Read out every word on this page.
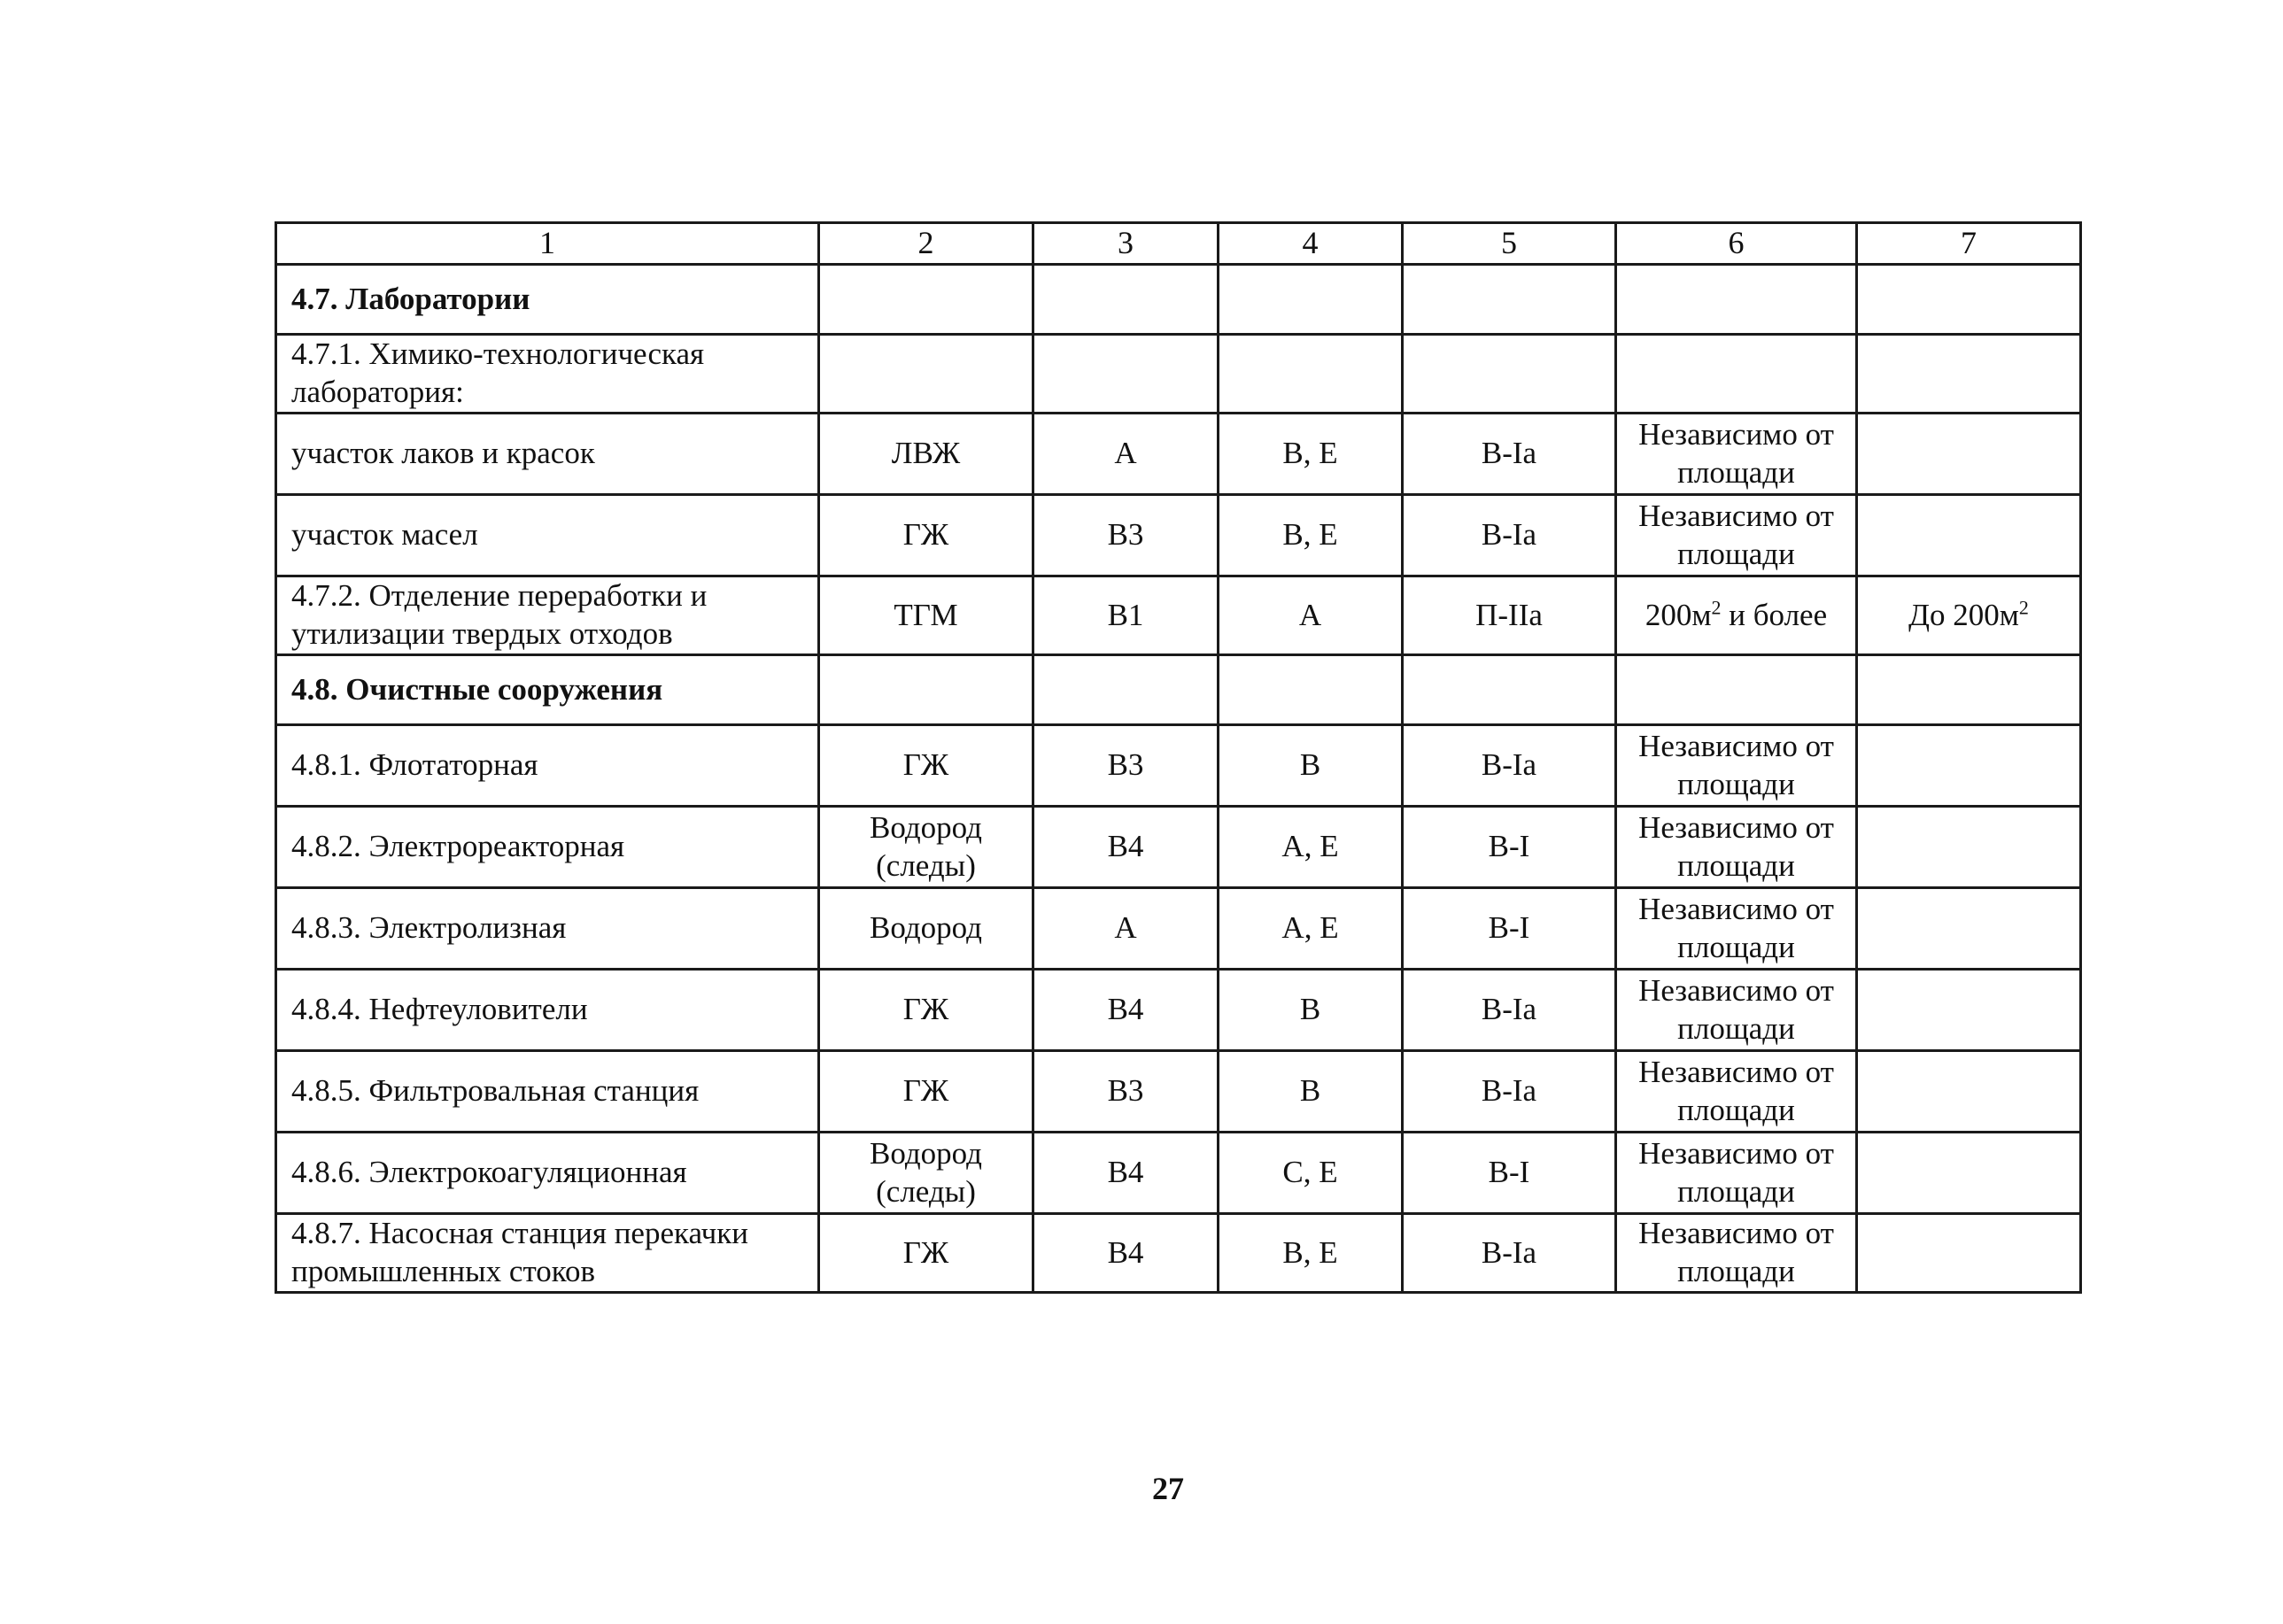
1	2	3	4	5	6	7
4.7. Лаборатории						
4.7.1. Химико-технологическая лаборатория:						
участок лаков и красок	ЛВЖ	А	В, Е	В-Iа	Независимо от площади	
участок масел	ГЖ	В3	В, Е	В-Iа	Независимо от площади	
4.7.2. Отделение переработки и утилизации твердых отходов	ТГМ	В1	А	П-IIа	$200м^2$ и более	До $200м^2$
4.8. Очистные сооружения						
4.8.1. Флотаторная	ГЖ	В3	В	В-Iа	Независимо от площади	
4.8.2. Электрореакторная	Водород (следы)	В4	А, Е	В-I	Независимо от площади	
4.8.3. Электролизная	Водород	А	А, Е	В-I	Независимо от площади	
4.8.4. Нефтеуловители	ГЖ	В4	В	В-Iа	Независимо от площади	
4.8.5. Фильтровальная станция	ГЖ	В3	В	В-Iа	Независимо от площади	
4.8.6. Электрокоагуляционная	Водород (следы)	В4	С, Е	В-I	Независимо от площади	
4.8.7. Насосная станция перекачки промышленных стоков	ГЖ	В4	В, Е	В-Iа	Независимо от площади	
27
